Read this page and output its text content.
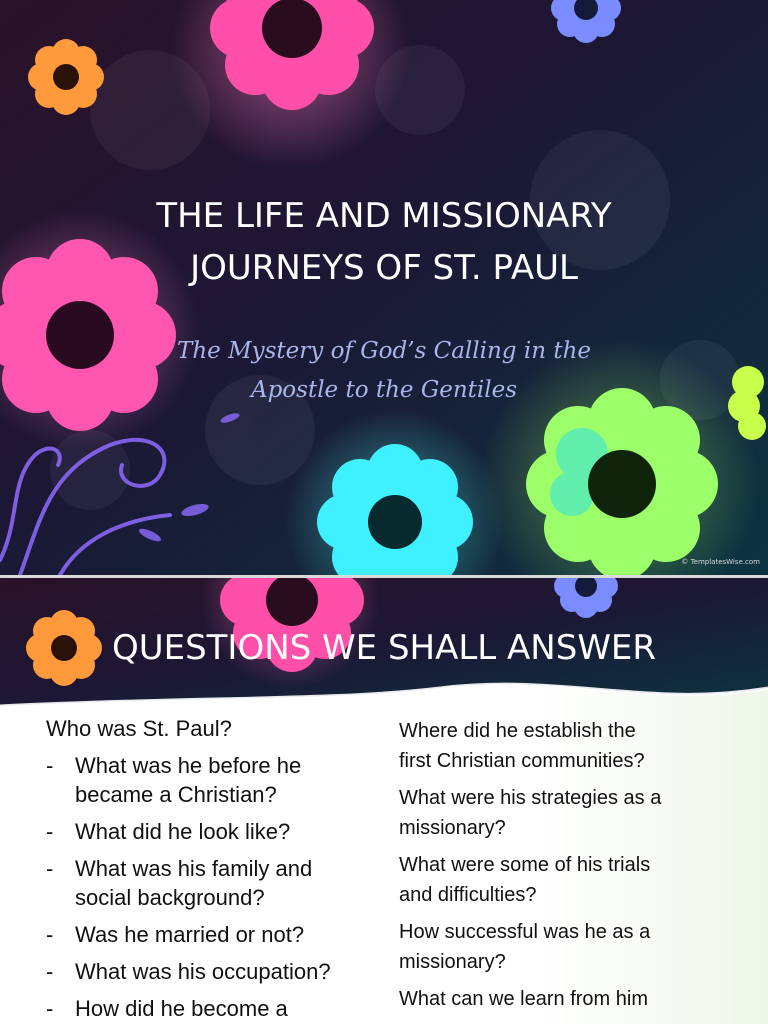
THE LIFE AND MISSIONARY
JOURNEYS OF ST. PAUL
The Mystery of God’s Calling in the
Apostle to the Gentiles
© TemplatesWise.com
QUESTIONS WE SHALL ANSWER
Who was St. Paul?
- What was he before he
became a Christian?
- What did he look like?
- What was his family and
social background?
- Was he married or not?
- What was his occupation?
- How did he become a
Where did he establish the
first Christian communities?
What were his strategies as a
missionary?
What were some of his trials
and difficulties?
How successful was he as a
missionary?
What can we learn from him
